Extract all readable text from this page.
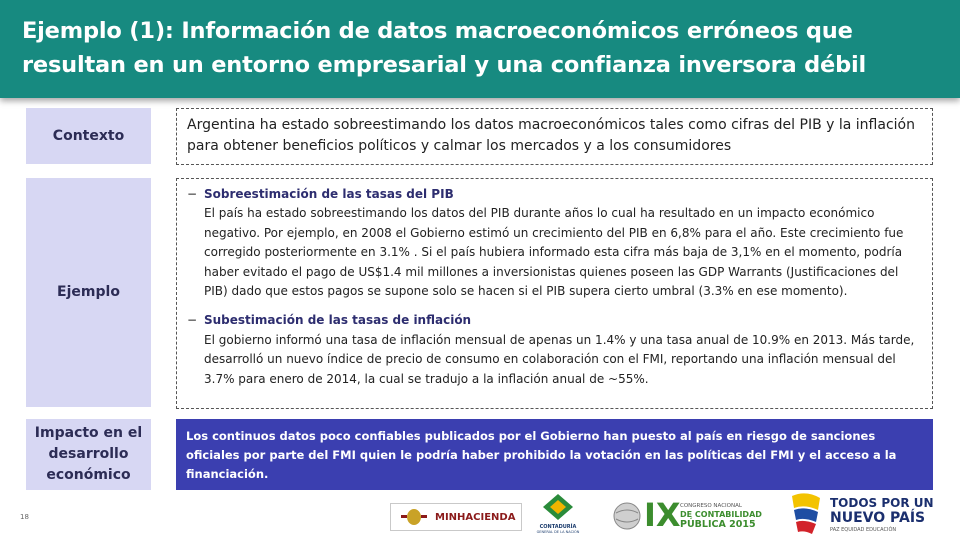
Ejemplo (1): Información de datos macroeconómicos erróneos que resultan en un entorno empresarial y una confianza inversora débil
Contexto
Argentina ha estado sobreestimando los datos macroeconómicos tales como cifras del PIB y la inflación para obtener beneficios políticos y calmar los mercados y a los consumidores
Ejemplo
− Sobreestimación de las tasas del PIB
El país ha estado sobreestimando los datos del PIB durante años lo cual ha resultado en un impacto económico negativo. Por ejemplo, en 2008 el Gobierno estimó un crecimiento del PIB en 6,8% para el año. Este crecimiento fue corregido posteriormente en 3.1% . Si el país hubiera informado esta cifra más baja de 3,1% en el momento, podría haber evitado el pago de US$1.4 mil millones a inversionistas quienes poseen las GDP Warrants (Justificaciones del PIB) dado que estos pagos se supone solo se hacen si el PIB supera cierto umbral (3.3% en ese momento).
− Subestimación de las tasas de inflación
El gobierno informó una tasa de inflación mensual de apenas un 1.4% y una tasa anual de 10.9% en 2013. Más tarde, desarrolló un nuevo índice de precio de consumo en colaboración con el FMI, reportando una inflación mensual del 3.7% para enero de 2014, la cual se tradujo a la inflación anual de ~55%.
Impacto en el desarrollo económico
Los continuos datos poco confiables publicados por el Gobierno han puesto al país en riesgo de sanciones oficiales por parte del FMI quien le podría haber prohibido la votación en las políticas del FMI y el acceso a la financiación.
18	MINHACIENDA
CONTADURÍA
GENERAL DE LA NACIÓN IX CONGRESO NACIONAL
DE CONTABILIDAD
PÚBLICA 2015
TODOS POR UN
NUEVO PAÍS
PAZ EQUIDAD EDUCACIÓN
